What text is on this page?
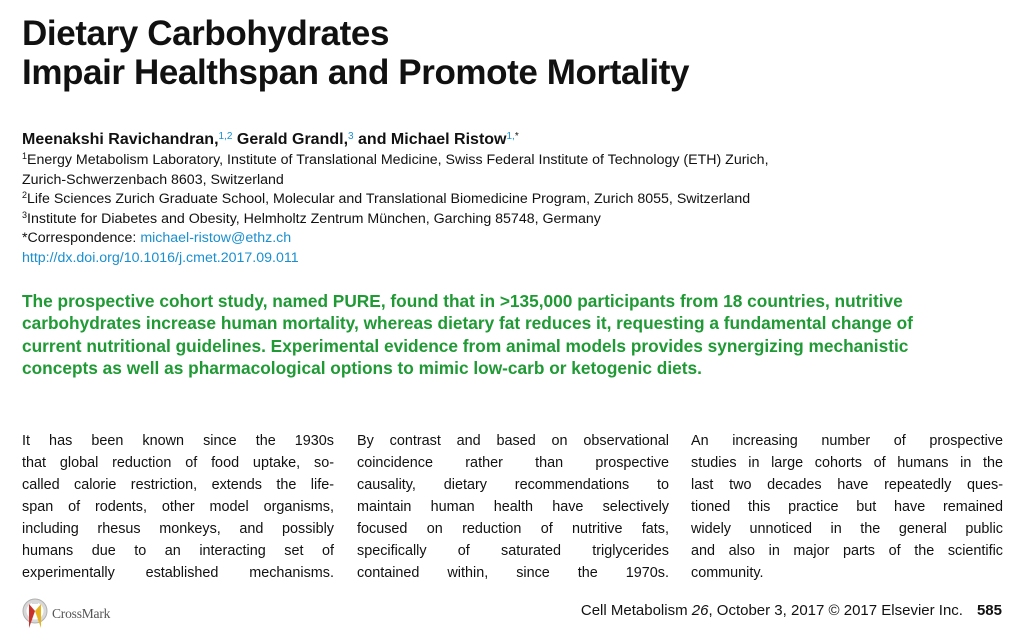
Dietary Carbohydrates
Impair Healthspan and Promote Mortality
Meenakshi Ravichandran,$^{1,2}$ Gerald Grandl,$^3$ and Michael Ristow$^{1,*}$
$^1$Energy Metabolism Laboratory, Institute of Translational Medicine, Swiss Federal Institute of Technology (ETH) Zurich,
Zurich-Schwerzenbach 8603, Switzerland
$^2$Life Sciences Zurich Graduate School, Molecular and Translational Biomedicine Program, Zurich 8055, Switzerland
$^3$Institute for Diabetes and Obesity, Helmholtz Zentrum München, Garching 85748, Germany
*Correspondence: michael-ristow@ethz.ch
http://dx.doi.org/10.1016/j.cmet.2017.09.011
The prospective cohort study, named PURE, found that in >135,000 participants from 18 countries, nutritive
carbohydrates increase human mortality, whereas dietary fat reduces it, requesting a fundamental change of
current nutritional guidelines. Experimental evidence from animal models provides synergizing mechanistic
concepts as well as pharmacological options to mimic low-carb or ketogenic diets.
It has been known since the 1930s
that global reduction of food uptake, so-
called calorie restriction, extends the life-
span of rodents, other model organisms,
including rhesus monkeys, and possibly
humans due to an interacting set of
experimentally established mechanisms.
By contrast and based on observational
coincidence rather than prospective
causality, dietary recommendations to
maintain human health have selectively
focused on reduction of nutritive fats,
specifically of saturated triglycerides
contained within, since the 1970s.
An increasing number of prospective
studies in large cohorts of humans in the
last two decades have repeatedly ques-
tioned this practice but have remained
widely unnoticed in the general public
and also in major parts of the scientific
community.
CrossMark	Cell Metabolism 26, October 3, 2017 © 2017 Elsevier Inc. 585
